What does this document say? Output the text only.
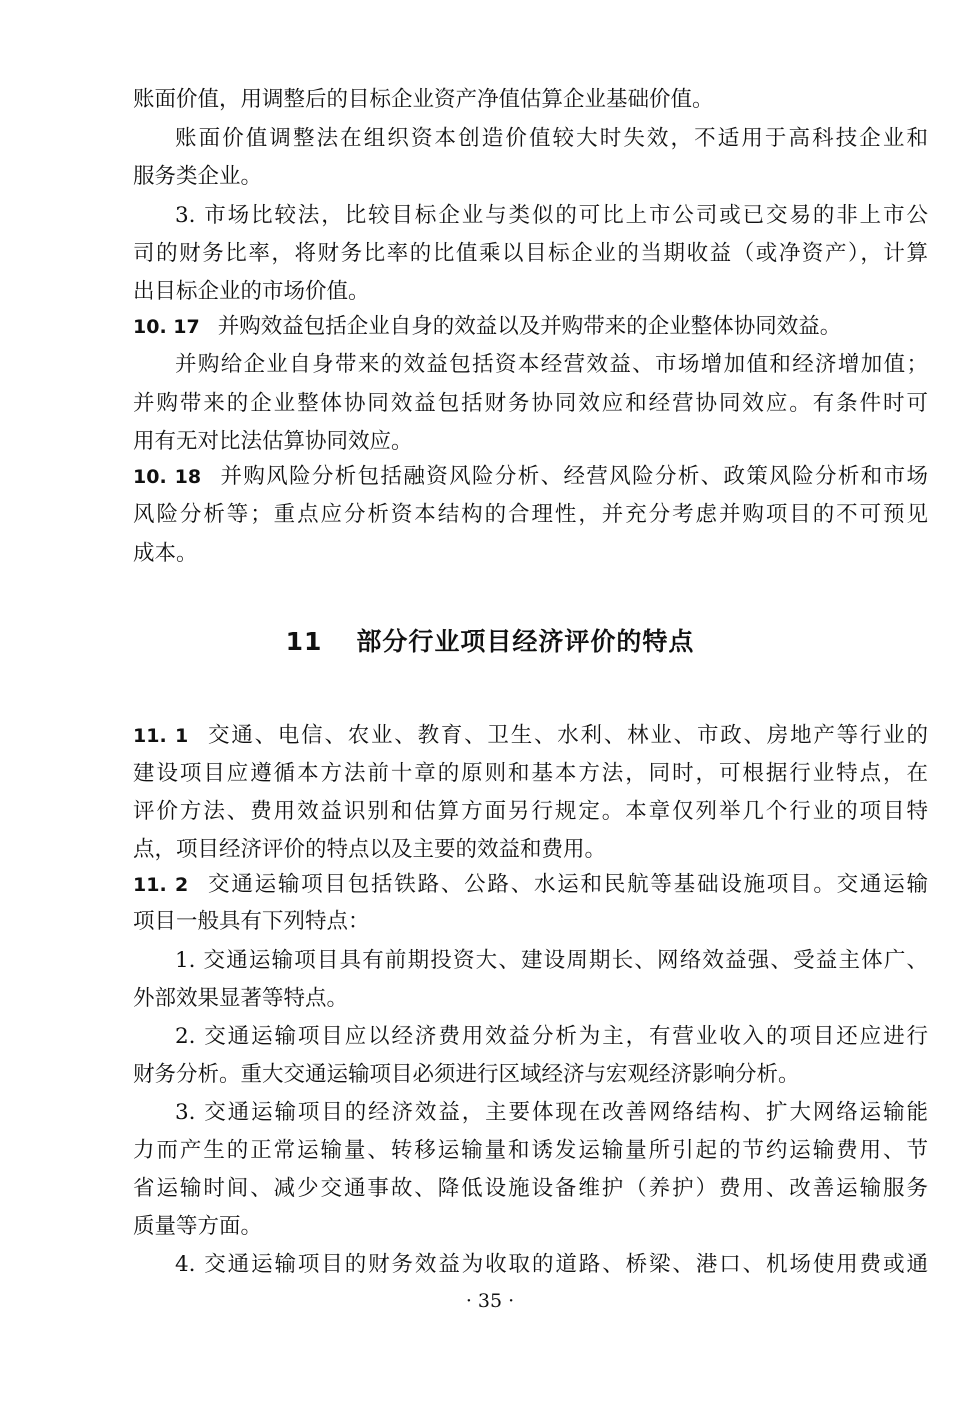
账面价值，用调整后的目标企业资产净值估算企业基础价值。
账面价值调整法在组织资本创造价值较大时失效，不适用于高科技企业和
服务类企业。
3. 市场比较法，比较目标企业与类似的可比上市公司或已交易的非上市公
司的财务比率，将财务比率的比值乘以目标企业的当期收益（或净资产），计算
出目标企业的市场价值。
10. 17 并购效益包括企业自身的效益以及并购带来的企业整体协同效益。
并购给企业自身带来的效益包括资本经营效益、市场增加值和经济增加值；
并购带来的企业整体协同效益包括财务协同效应和经营协同效应。有条件时可
用有无对比法估算协同效应。
10. 18 并购风险分析包括融资风险分析、经营风险分析、政策风险分析和市场
风险分析等；重点应分析资本结构的合理性，并充分考虑并购项目的不可预见
成本。
11 部分行业项目经济评价的特点
11. 1 交通、电信、农业、教育、卫生、水利、林业、市政、房地产等行业的
建设项目应遵循本方法前十章的原则和基本方法，同时，可根据行业特点，在
评价方法、费用效益识别和估算方面另行规定。本章仅列举几个行业的项目特
点，项目经济评价的特点以及主要的效益和费用。
11. 2 交通运输项目包括铁路、公路、水运和民航等基础设施项目。交通运输
项目一般具有下列特点：
1. 交通运输项目具有前期投资大、建设周期长、网络效益强、受益主体广、
外部效果显著等特点。
2. 交通运输项目应以经济费用效益分析为主，有营业收入的项目还应进行
财务分析。重大交通运输项目必须进行区域经济与宏观经济影响分析。
3. 交通运输项目的经济效益，主要体现在改善网络结构、扩大网络运输能
力而产生的正常运输量、转移运输量和诱发运输量所引起的节约运输费用、节
省运输时间、减少交通事故、降低设施设备维护（养护）费用、改善运输服务
质量等方面。
4. 交通运输项目的财务效益为收取的道路、桥梁、港口、机场使用费或通
· 35 ·
